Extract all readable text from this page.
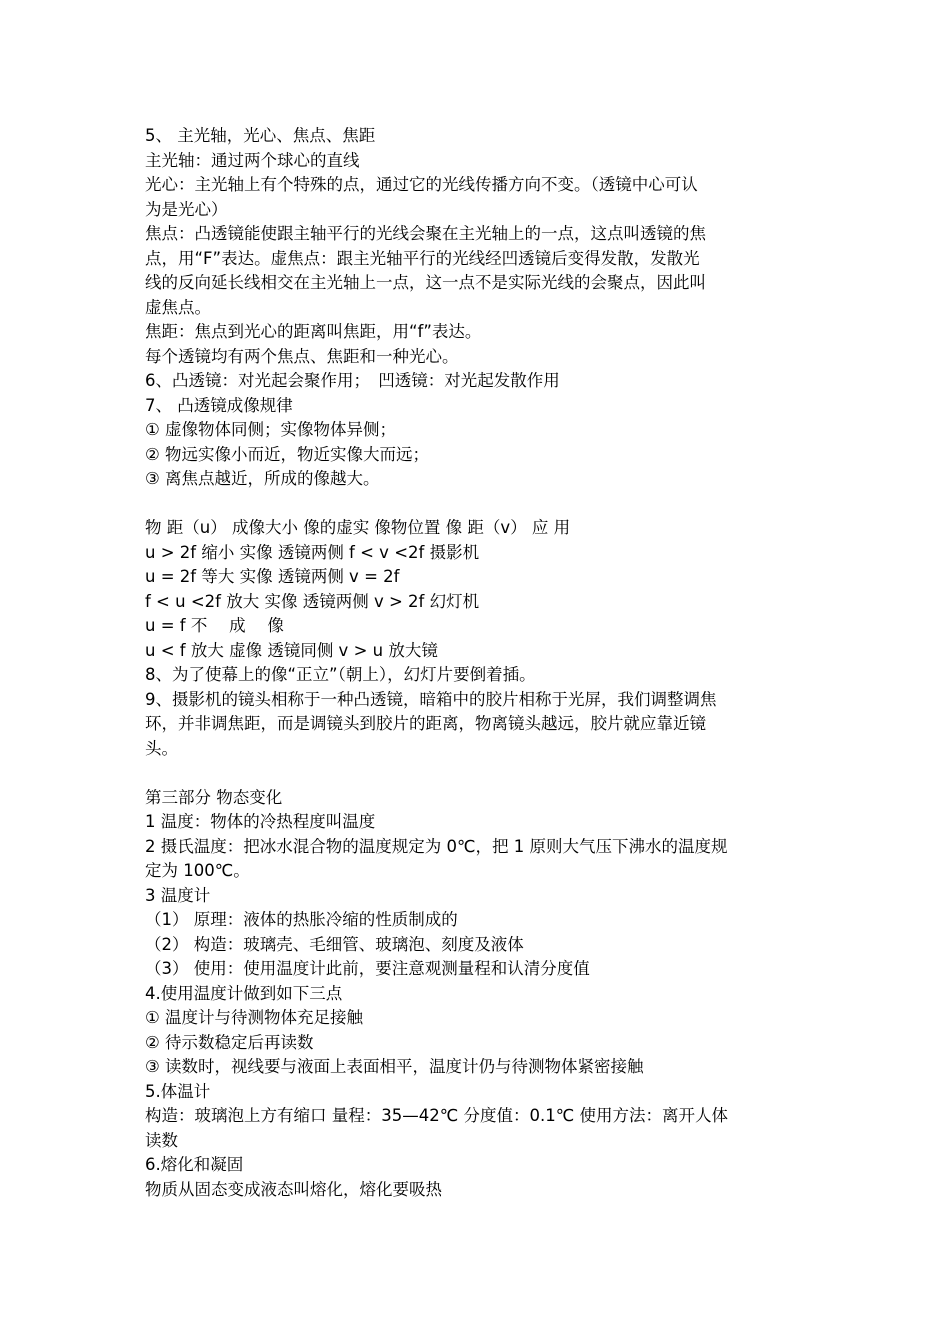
5、 主光轴，光心、焦点、焦距
主光轴：通过两个球心的直线
光心：主光轴上有个特殊的点，通过它的光线传播方向不变。（透镜中心可认
为是光心）
焦点：凸透镜能使跟主轴平行的光线会聚在主光轴上的一点，这点叫透镜的焦
点，用“F”表达。虚焦点：跟主光轴平行的光线经凹透镜后变得发散，发散光
线的反向延长线相交在主光轴上一点，这一点不是实际光线的会聚点，因此叫
虚焦点。
焦距：焦点到光心的距离叫焦距，用“f”表达。
每个透镜均有两个焦点、焦距和一种光心。
6、凸透镜：对光起会聚作用；　凹透镜：对光起发散作用
7、 凸透镜成像规律
① 虚像物体同侧；实像物体异侧；
② 物远实像小而近，物近实像大而远；
③ 离焦点越近，所成的像越大。
物 距（u） 成像大小 像的虚实 像物位置 像 距（v） 应 用
u > 2f 缩小 实像 透镜两侧 f < v <2f 摄影机
u = 2f 等大 实像 透镜两侧 v = 2f
f < u <2f 放大 实像 透镜两侧 v > 2f 幻灯机
u = f 不　 成　 像
u < f 放大 虚像 透镜同侧 v > u 放大镜
8、为了使幕上的像“正立”（朝上），幻灯片要倒着插。
9、摄影机的镜头相称于一种凸透镜，暗箱中的胶片相称于光屏，我们调整调焦
环，并非调焦距，而是调镜头到胶片的距离，物离镜头越远，胶片就应靠近镜
头。
第三部分 物态变化
1 温度：物体的冷热程度叫温度
2 摄氏温度：把冰水混合物的温度规定为 0℃，把 1 原则大气压下沸水的温度规
定为 100℃。
3 温度计
（1） 原理：液体的热胀冷缩的性质制成的
（2） 构造：玻璃壳、毛细管、玻璃泡、刻度及液体
（3） 使用：使用温度计此前，要注意观测量程和认清分度值
4.使用温度计做到如下三点
① 温度计与待测物体充足接触
② 待示数稳定后再读数
③ 读数时，视线要与液面上表面相平，温度计仍与待测物体紧密接触
5.体温计
构造：玻璃泡上方有缩口 量程：35—42℃ 分度值：0.1℃ 使用方法：离开人体
读数
6.熔化和凝固
物质从固态变成液态叫熔化，熔化要吸热
